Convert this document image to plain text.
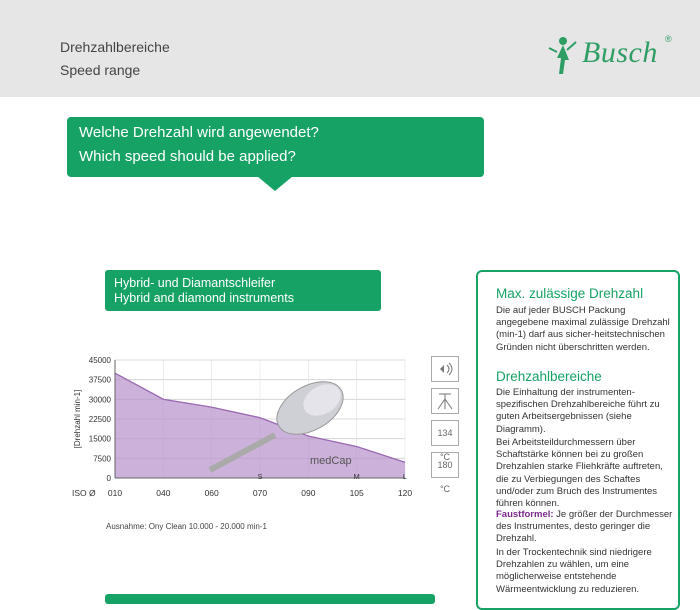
Drehzahlbereiche
Speed range
Busch ®
Welche Drehzahl wird angewendet?
Which speed should be applied?
Hybrid- und Diamantschleifer
Hybrid and diamond instruments
45000
37500
30000
22500
15000
7500
0
medCap
S	M	L
010	040	060	070	090	105	120
ISO Ø
[Drehzahl min-1]	134
180 °C
Ausnahme: Ony Clean 10.000 - 20.000 min-1
Max. zulässige Drehzahl
Die auf jeder BUSCH Packung angegebene maximal zulässige Drehzahl (min-1) darf aus sicher-heitstechnischen Gründen nicht überschritten werden.
Drehzahlbereiche
Die Einhaltung der instrumenten-spezifischen Drehzahlbereiche führt zu guten Arbeitsergebnissen (siehe Diagramm).
Bei Arbeitsteildurchmessern über Schaftstärke können bei zu großen Drehzahlen starke Fliehkräfte auftreten, die zu Verbiegungen des Schaftes und/oder zum Bruch des Instrumentes führen können.
Faustformel: Je größer der Durchmesser des Instrumentes, desto geringer die Drehzahl.
In der Trockentechnik sind niedrigere Drehzahlen zu wählen, um eine möglicherweise entstehende Wärmeentwicklung zu reduzieren.
